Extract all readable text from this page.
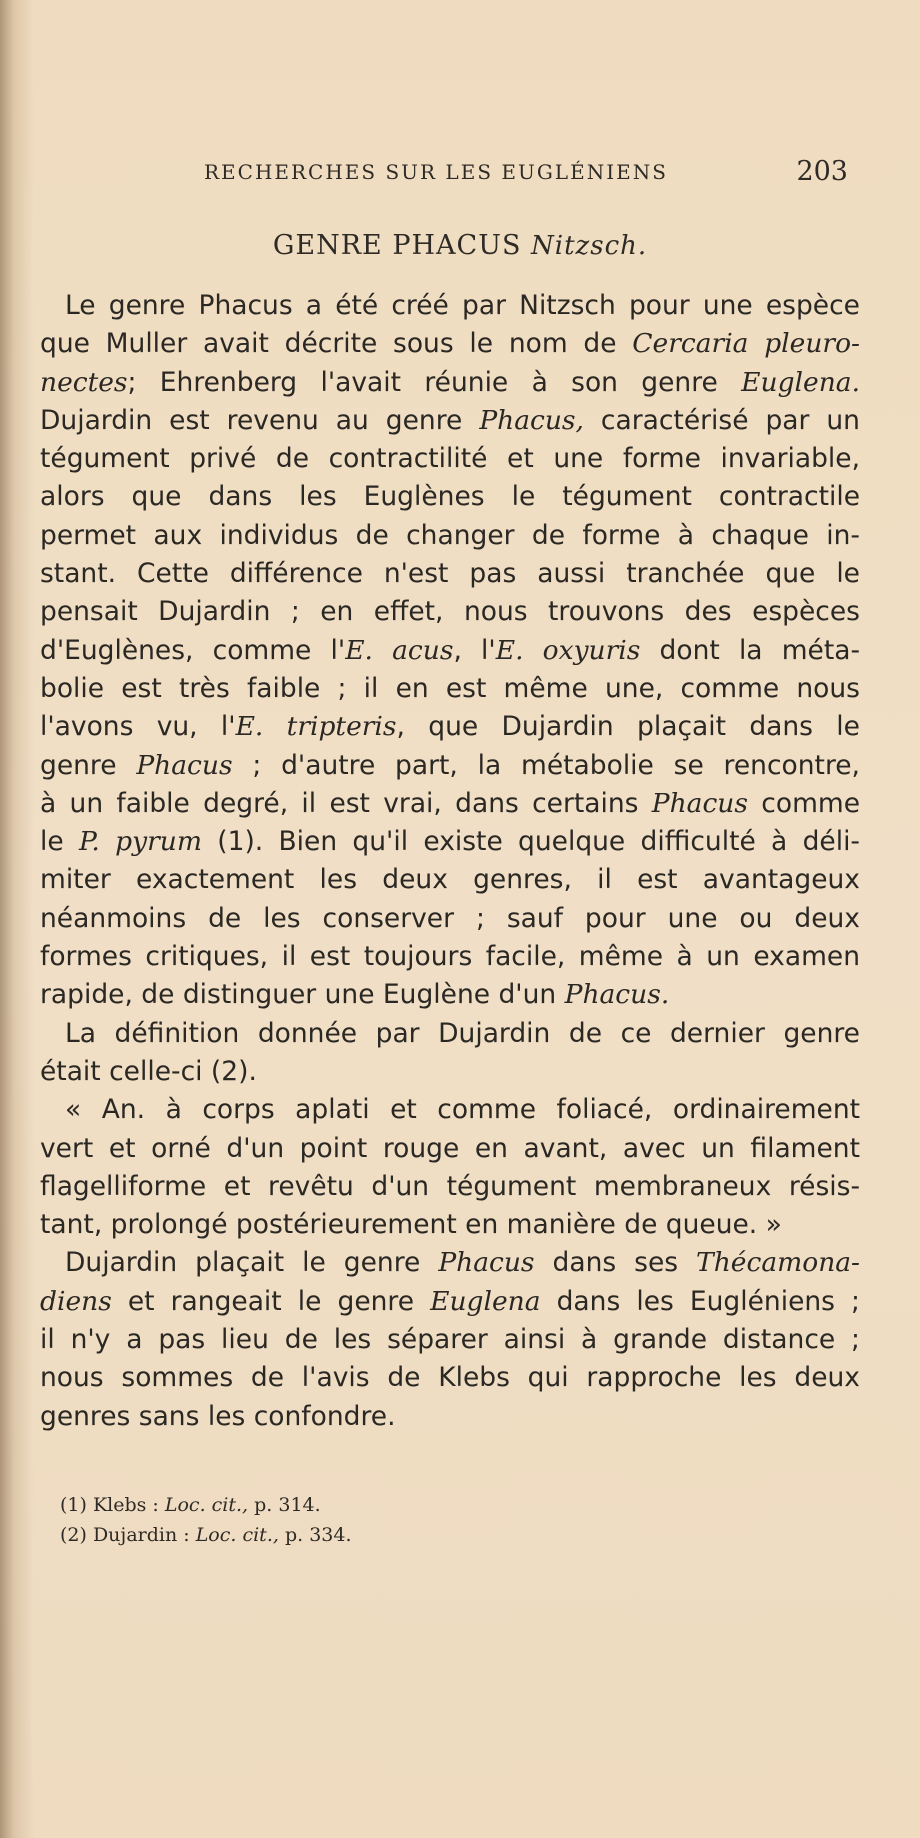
RECHERCHES SUR LES EUGLÉNIENS	203
GENRE PHACUS Nitzsch.
Le genre Phacus a été créé par Nitzsch pour une espèce
que Muller avait décrite sous le nom de Cercaria pleuro-
nectes; Ehrenberg l'avait réunie à son genre Euglena.
Dujardin est revenu au genre Phacus, caractérisé par un
tégument privé de contractilité et une forme invariable,
alors que dans les Euglènes le tégument contractile
permet aux individus de changer de forme à chaque in-
stant. Cette différence n'est pas aussi tranchée que le
pensait Dujardin ; en effet, nous trouvons des espèces
d'Euglènes, comme l'E. acus, l'E. oxyuris dont la méta-
bolie est très faible ; il en est même une, comme nous
l'avons vu, l'E. tripteris, que Dujardin plaçait dans le
genre Phacus ; d'autre part, la métabolie se rencontre,
à un faible degré, il est vrai, dans certains Phacus comme
le P. pyrum (1). Bien qu'il existe quelque difficulté à déli-
miter exactement les deux genres, il est avantageux
néanmoins de les conserver ; sauf pour une ou deux
formes critiques, il est toujours facile, même à un examen
rapide, de distinguer une Euglène d'un Phacus.
La définition donnée par Dujardin de ce dernier genre
était celle-ci (2).
« An. à corps aplati et comme foliacé, ordinairement
vert et orné d'un point rouge en avant, avec un filament
flagelliforme et revêtu d'un tégument membraneux résis-
tant, prolongé postérieurement en manière de queue. »
Dujardin plaçait le genre Phacus dans ses Thécamona-
diens et rangeait le genre Euglena dans les Eugléniens ;
il n'y a pas lieu de les séparer ainsi à grande distance ;
nous sommes de l'avis de Klebs qui rapproche les deux
genres sans les confondre.
(1) Klebs : Loc. cit., p. 314.
(2) Dujardin : Loc. cit., p. 334.
